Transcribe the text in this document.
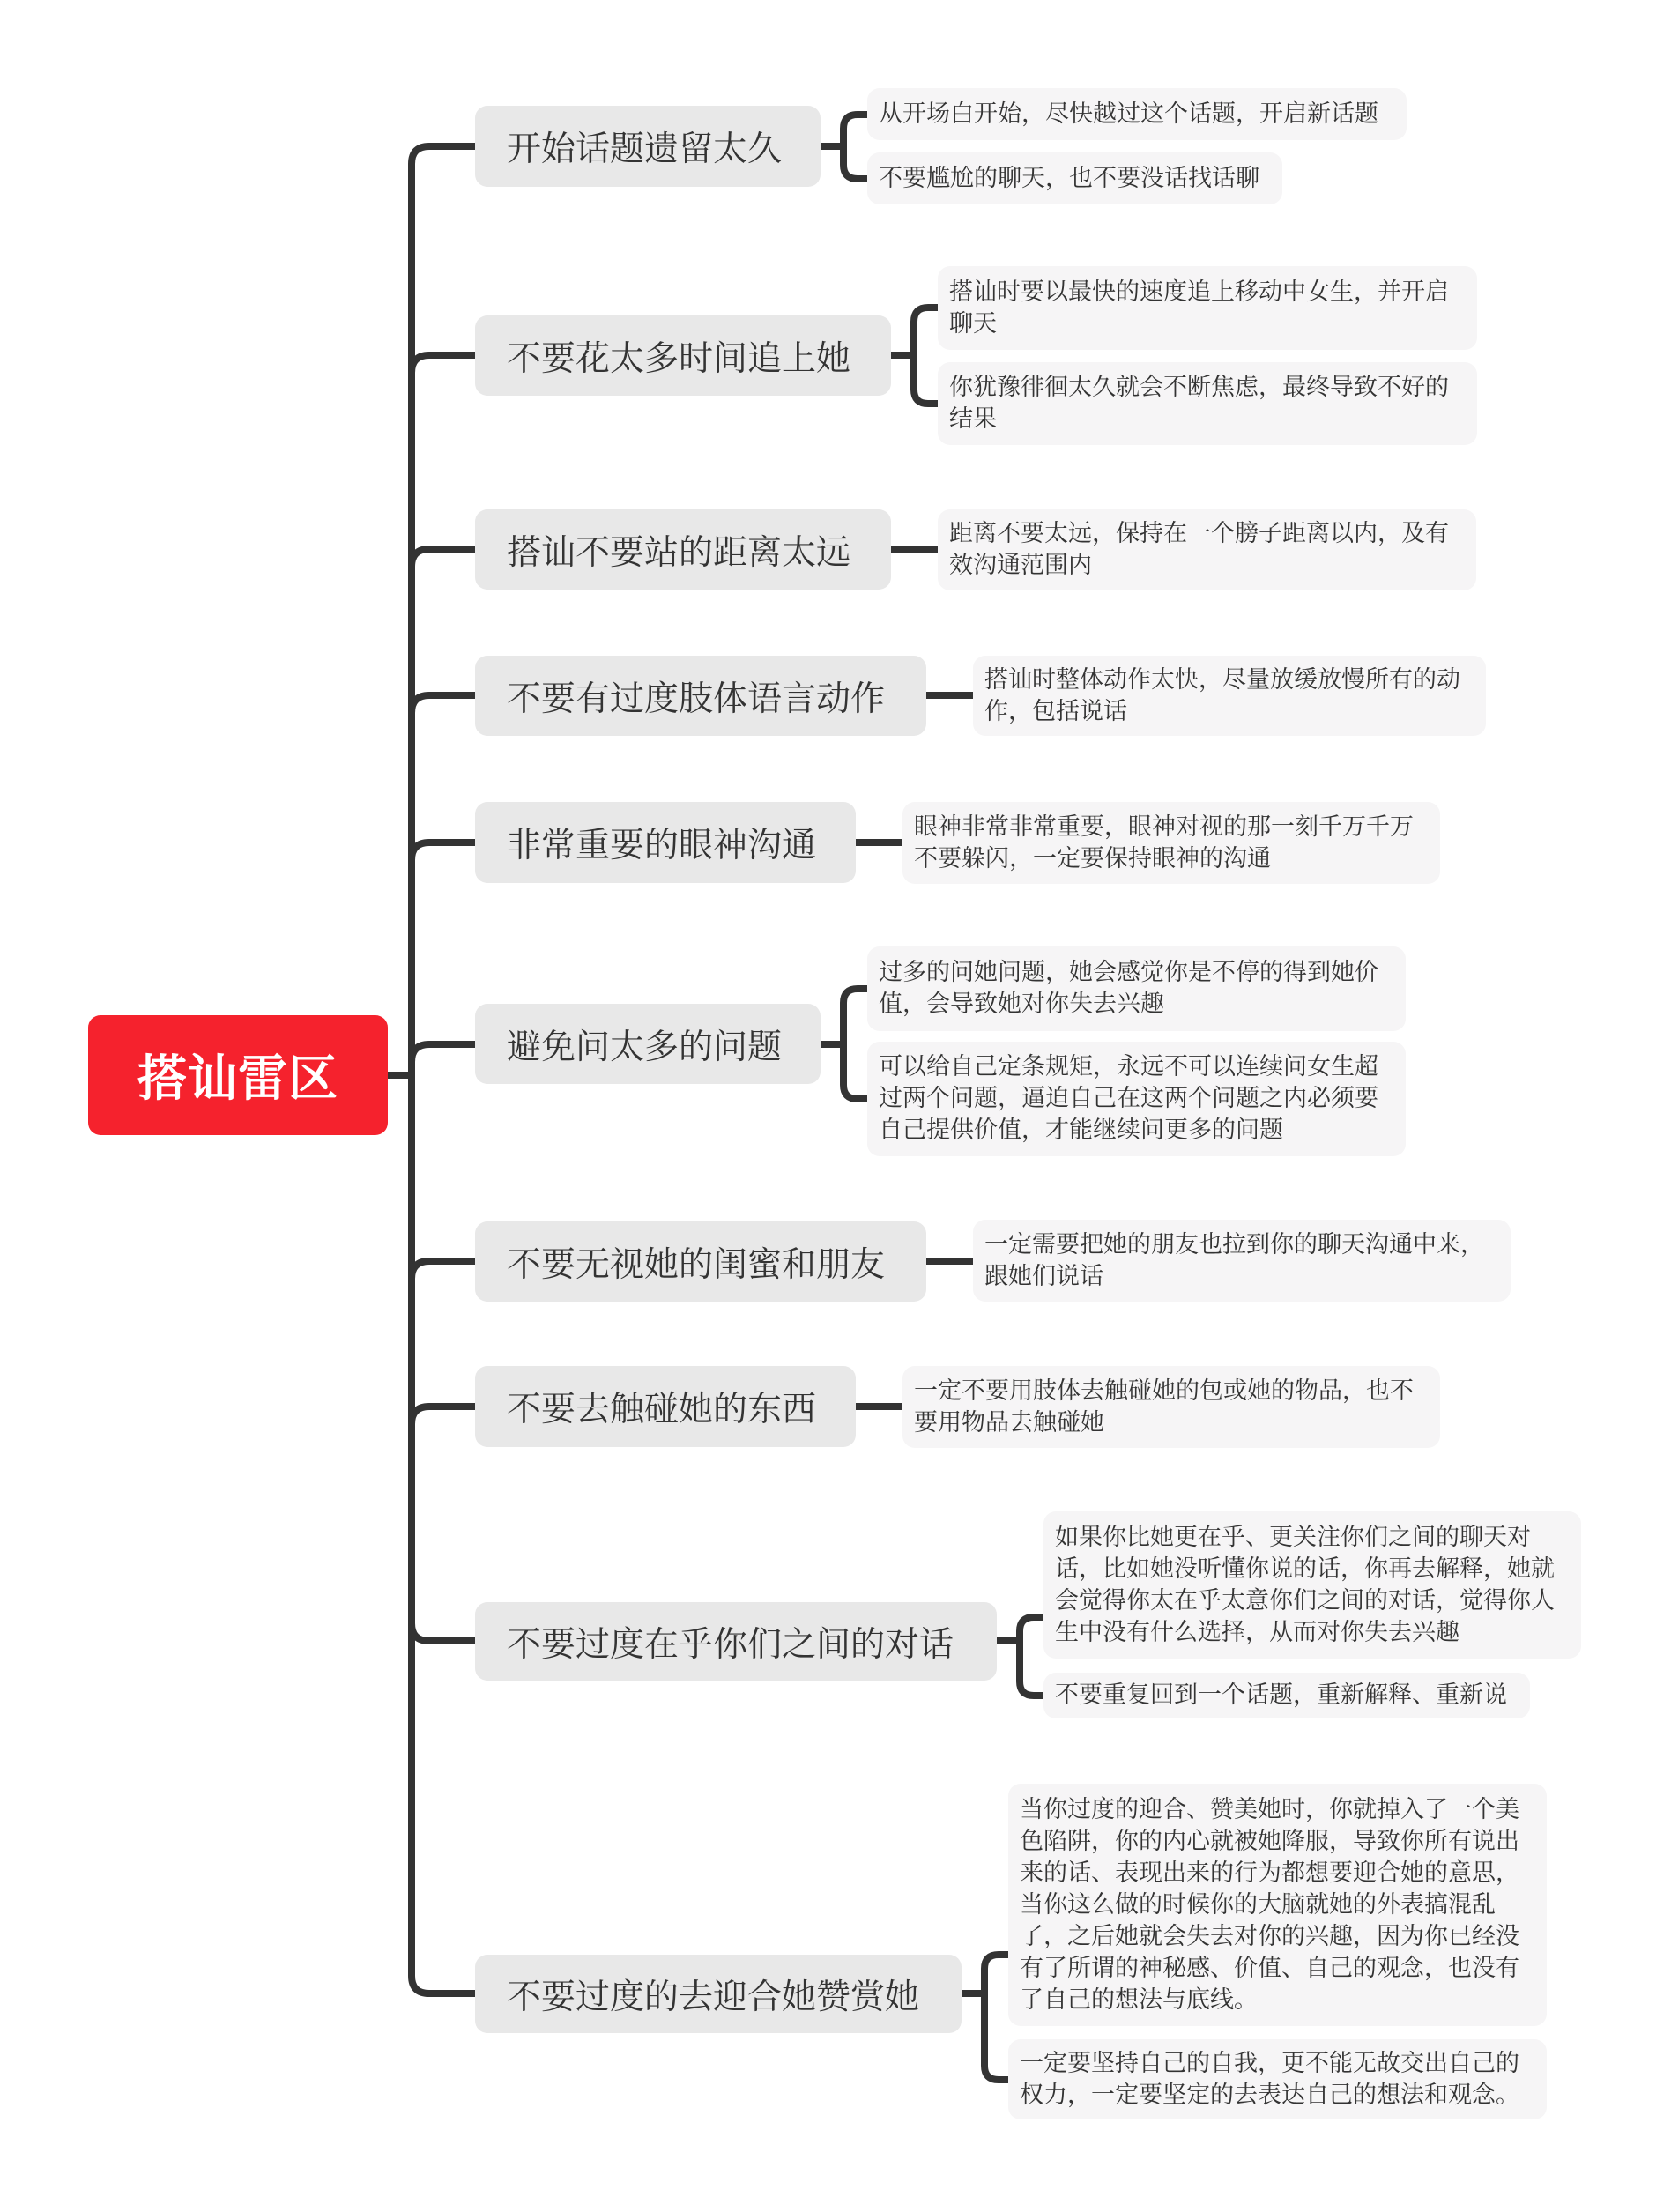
搭讪雷区
开始话题遗留太久
从开场白开始，尽快越过这个话题，开启新话题
不要尴尬的聊天，也不要没话找话聊
不要花太多时间追上她
搭讪时要以最快的速度追上移动中女生，并开启
聊天
你犹豫徘徊太久就会不断焦虑，最终导致不好的
结果
搭讪不要站的距离太远	距离不要太远，保持在一个膀子距离以内，及有
效沟通范围内
不要有过度肢体语言动作	搭讪时整体动作太快，尽量放缓放慢所有的动
作，包括说话
非常重要的眼神沟通	眼神非常非常重要，眼神对视的那一刻千万千万
不要躲闪，一定要保持眼神的沟通
避免问太多的问题
过多的问她问题，她会感觉你是不停的得到她价
值，会导致她对你失去兴趣
可以给自己定条规矩，永远不可以连续问女生超
过两个问题，逼迫自己在这两个问题之内必须要
自己提供价值，才能继续问更多的问题
不要无视她的闺蜜和朋友
一定需要把她的朋友也拉到你的聊天沟通中来，
跟她们说话
不要去触碰她的东西	一定不要用肢体去触碰她的包或她的物品，也不
要用物品去触碰她
不要过度在乎你们之间的对话
如果你比她更在乎、更关注你们之间的聊天对
话，比如她没听懂你说的话，你再去解释，她就
会觉得你太在乎太意你们之间的对话，觉得你人
生中没有什么选择，从而对你失去兴趣
不要重复回到一个话题，重新解释、重新说
不要过度的去迎合她赞赏她
当你过度的迎合、赞美她时，你就掉入了一个美
色陷阱，你的内心就被她降服，导致你所有说出
来的话、表现出来的行为都想要迎合她的意思，
当你这么做的时候你的大脑就她的外表搞混乱
了，之后她就会失去对你的兴趣，因为你已经没
有了所谓的神秘感、价值、自己的观念，也没有
了自己的想法与底线。
一定要坚持自己的自我，更不能无故交出自己的
权力，一定要坚定的去表达自己的想法和观念。
